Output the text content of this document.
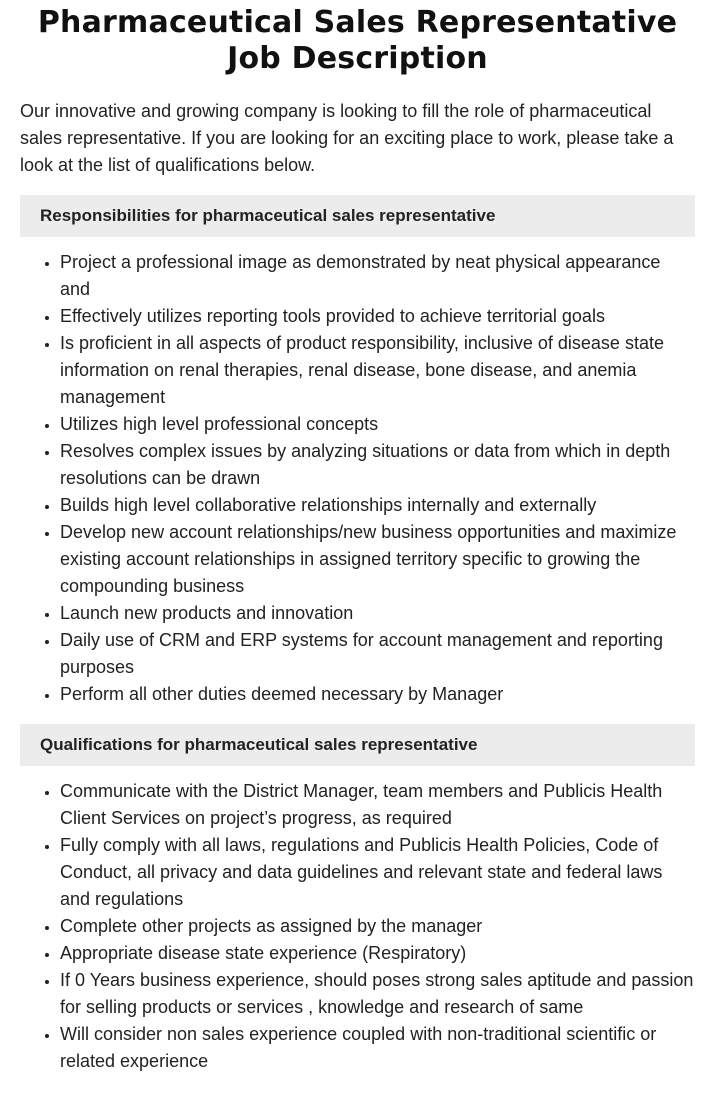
Pharmaceutical Sales Representative Job Description

Our innovative and growing company is looking to fill the role of pharmaceutical sales representative. If you are looking for an exciting place to work, please take a look at the list of qualifications below.

Responsibilities for pharmaceutical sales representative
• Project a professional image as demonstrated by neat physical appearance and
• Effectively utilizes reporting tools provided to achieve territorial goals
• Is proficient in all aspects of product responsibility, inclusive of disease state information on renal therapies, renal disease, bone disease, and anemia management
• Utilizes high level professional concepts
• Resolves complex issues by analyzing situations or data from which in depth resolutions can be drawn
• Builds high level collaborative relationships internally and externally
• Develop new account relationships/new business opportunities and maximize existing account relationships in assigned territory specific to growing the compounding business
• Launch new products and innovation
• Daily use of CRM and ERP systems for account management and reporting purposes
• Perform all other duties deemed necessary by Manager
Qualifications for pharmaceutical sales representative
• Communicate with the District Manager, team members and Publicis Health Client Services on project’s progress, as required
• Fully comply with all laws, regulations and Publicis Health Policies, Code of Conduct, all privacy and data guidelines and relevant state and federal laws and regulations
• Complete other projects as assigned by the manager
• Appropriate disease state experience (Respiratory)
• If 0 Years business experience, should poses strong sales aptitude and passion for selling products or services , knowledge and research of same
• Will consider non sales experience coupled with non-traditional scientific or related experience
